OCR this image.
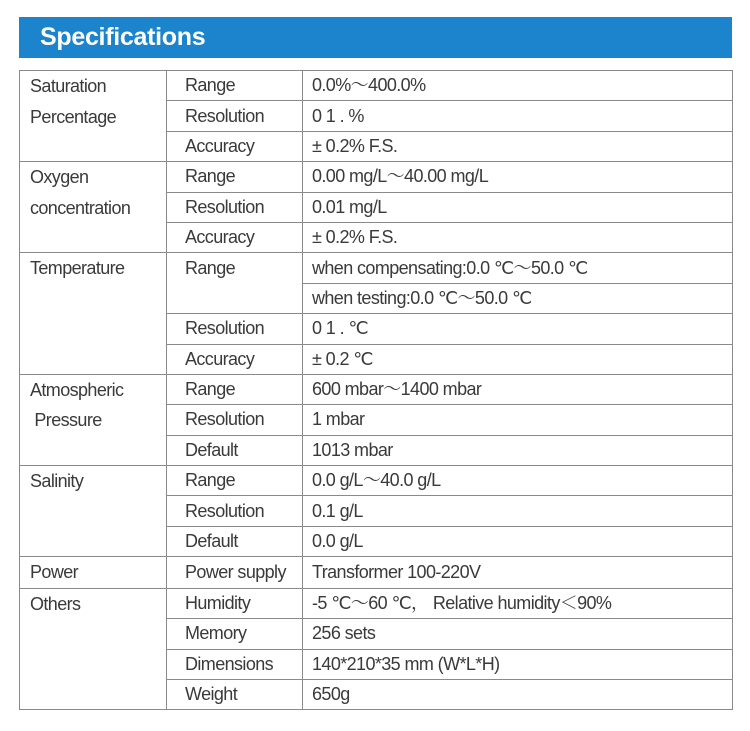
Specifications
Saturation
Percentage	Range	0.0%～400.0%
	Resolution	0 1 . %
	Accuracy	± 0.2% F.S.

Oxygen
concentration	Range	0.00 mg/L～40.00 mg/L
	Resolution	0.01 mg/L
	Accuracy	± 0.2% F.S.

Temperature	Range	when compensating:0.0 ℃～50.0 ℃
		when testing:0.0 ℃～50.0 ℃
	Resolution	0 1 . ℃
	Accuracy	± 0.2 ℃

Atmospheric
Pressure	Range	600 mbar～1400 mbar
	Resolution	1 mbar
	Default	1013 mbar

Salinity	Range	0.0 g/L～40.0 g/L
	Resolution	0.1 g/L
	Default	0.0 g/L

Power	Power supply	Transformer 100-220V

Others	Humidity	-5 ℃～60 ℃， Relative humidity＜90%
	Memory	256 sets
	Dimensions	140*210*35 mm (W*L*H)
	Weight	650g
